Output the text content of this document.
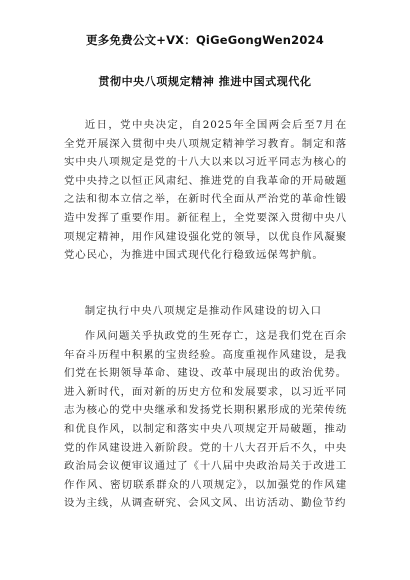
更多免费公文+VX：QiGeGongWen2024
贯彻中央八项规定精神 推进中国式现代化
近日，党中央决定，自2025年全国两会后至7月在全党开展深入贯彻中央八项规定精神学习教育。制定和落实中央八项规定是党的十八大以来以习近平同志为核心的党中央持之以恒正风肃纪、推进党的自我革命的开局破题之法和彻本立信之举，在新时代全面从严治党的革命性锻造中发挥了重要作用。新征程上，全党要深入贯彻中央八项规定精神，用作风建设强化党的领导，以优良作风凝聚党心民心，为推进中国式现代化行稳致远保驾护航。
制定执行中央八项规定是推动作风建设的切入口
作风问题关乎执政党的生死存亡，这是我们党在百余年奋斗历程中积累的宝贵经验。高度重视作风建设，是我们党在长期领导革命、建设、改革中展现出的政治优势。进入新时代，面对新的历史方位和发展要求，以习近平同志为核心的党中央继承和发扬党长期积累形成的光荣传统和优良作风，以制定和落实中央八项规定开局破题，推动党的作风建设进入新阶段。党的十八大召开后不久，中央政治局会议便审议通过了《十八届中央政治局关于改进工作作风、密切联系群众的八项规定》，以加强党的作风建设为主线，从调查研究、会风文风、出访活动、勤俭节约
